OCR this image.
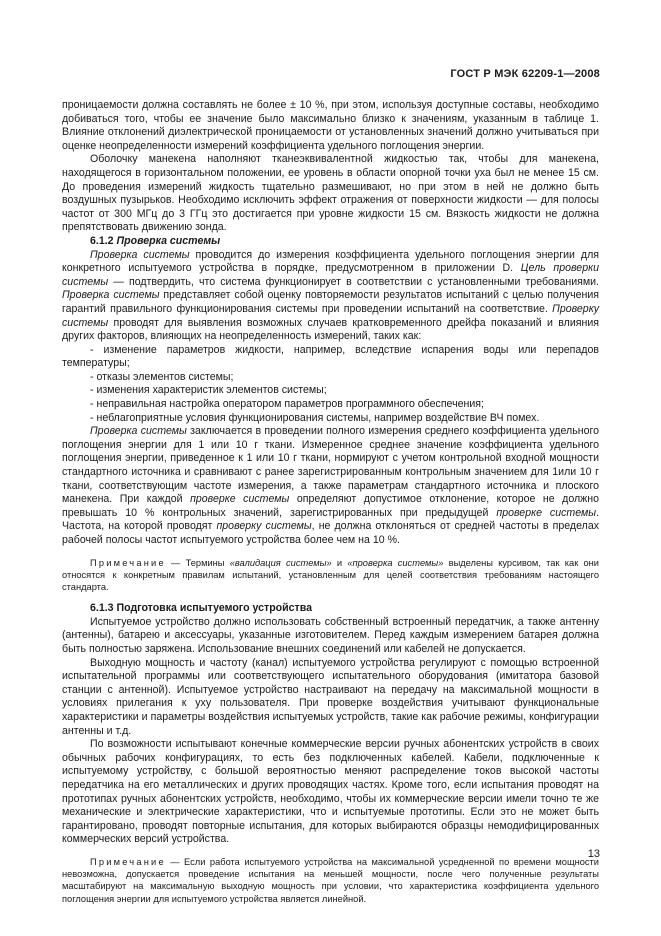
ГОСТ Р МЭК 62209-1—2008

проницаемости должна составлять не более ± 10 %, при этом, используя доступные составы, необходимо добиваться того, чтобы ее значение было максимально близко к значениям, указанным в таблице 1. Влияние отклонений диэлектрической проницаемости от установленных значений должно учитываться при оценке неопределенности измерений коэффициента удельного поглощения энергии.

Оболочку манекена наполняют тканеэквивалентной жидкостью так, чтобы для манекена, находящегося в горизонтальном положении, ее уровень в области опорной точки уха был не менее 15 см. До проведения измерений жидкость тщательно размешивают, но при этом в ней не должно быть воздушных пузырьков. Необходимо исключить эффект отражения от поверхности жидкости — для полосы частот от 300 МГц до 3 ГГц это достигается при уровне жидкости 15 см. Вязкость жидкости не должна препятствовать движению зонда.

6.1.2 Проверка системы

Проверка системы проводится до измерения коэффициента удельного поглощения энергии для конкретного испытуемого устройства в порядке, предусмотренном в приложении D. Цель проверки системы — подтвердить, что система функционирует в соответствии с установленными требованиями. Проверка системы представляет собой оценку повторяемости результатов испытаний с целью получения гарантий правильного функционирования системы при проведении испытаний на соответствие. Проверку системы проводят для выявления возможных случаев кратковременного дрейфа показаний и влияния других факторов, влияющих на неопределенность измерений, таких как:

- изменение параметров жидкости, например, вследствие испарения воды или перепадов температуры;

- отказы элементов системы;

- изменения характеристик элементов системы;

- неправильная настройка оператором параметров программного обеспечения;

- неблагоприятные условия функционирования системы, например воздействие ВЧ помех.

Проверка системы заключается в проведении полного измерения среднего коэффициента удельного поглощения энергии для 1 или 10 г ткани. Измеренное среднее значение коэффициента удельного поглощения энергии, приведенное к 1 или 10 г ткани, нормируют с учетом контрольной входной мощности стандартного источника и сравнивают с ранее зарегистрированным контрольным значением для 1или 10 г ткани, соответствующим частоте измерения, а также параметрам стандартного источника и плоского манекена. При каждой проверке системы определяют допустимое отклонение, которое не должно превышать 10 % контрольных значений, зарегистрированных при предыдущей проверке системы. Частота, на которой проводят проверку системы, не должна отклоняться от средней частоты в пределах рабочей полосы частот испытуемого устройства более чем на 10 %.

Примечание — Термины «валидация системы» и «проверка системы» выделены курсивом, так как они относятся к конкретным правилам испытаний, установленным для целей соответствия требованиям настоящего стандарта.

6.1.3 Подготовка испытуемого устройства

Испытуемое устройство должно использовать собственный встроенный передатчик, а также антенну (антенны), батарею и аксессуары, указанные изготовителем. Перед каждым измерением батарея должна быть полностью заряжена. Использование внешних соединений или кабелей не допускается.

Выходную мощность и частоту (канал) испытуемого устройства регулируют с помощью встроенной испытательной программы или соответствующего испытательного оборудования (имитатора базовой станции с антенной). Испытуемое устройство настраивают на передачу на максимальной мощности в условиях прилегания к уху пользователя. При проверке воздействия учитывают функциональные характеристики и параметры воздействия испытуемых устройств, такие как рабочие режимы, конфигурации антенны и т.д.

По возможности испытывают конечные коммерческие версии ручных абонентских устройств в своих обычных рабочих конфигурациях, то есть без подключенных кабелей. Кабели, подключенные к испытуемому устройству, с большой вероятностью меняют распределение токов высокой частоты передатчика на его металлических и других проводящих частях. Кроме того, если испытания проводят на прототипах ручных абонентских устройств, необходимо, чтобы их коммерческие версии имели точно те же механические и электрические характеристики, что и испытуемые прототипы. Если это не может быть гарантировано, проводят повторные испытания, для которых выбираются образцы немодифицированных коммерческих версий устройства.

Примечание — Если работа испытуемого устройства на максимальной усредненной по времени мощности невозможна, допускается проведение испытания на меньшей мощности, после чего полученные результаты масштабируют на максимальную выходную мощность при условии, что характеристика коэффициента удельного поглощения энергии для испытуемого устройства является линейной.

13
